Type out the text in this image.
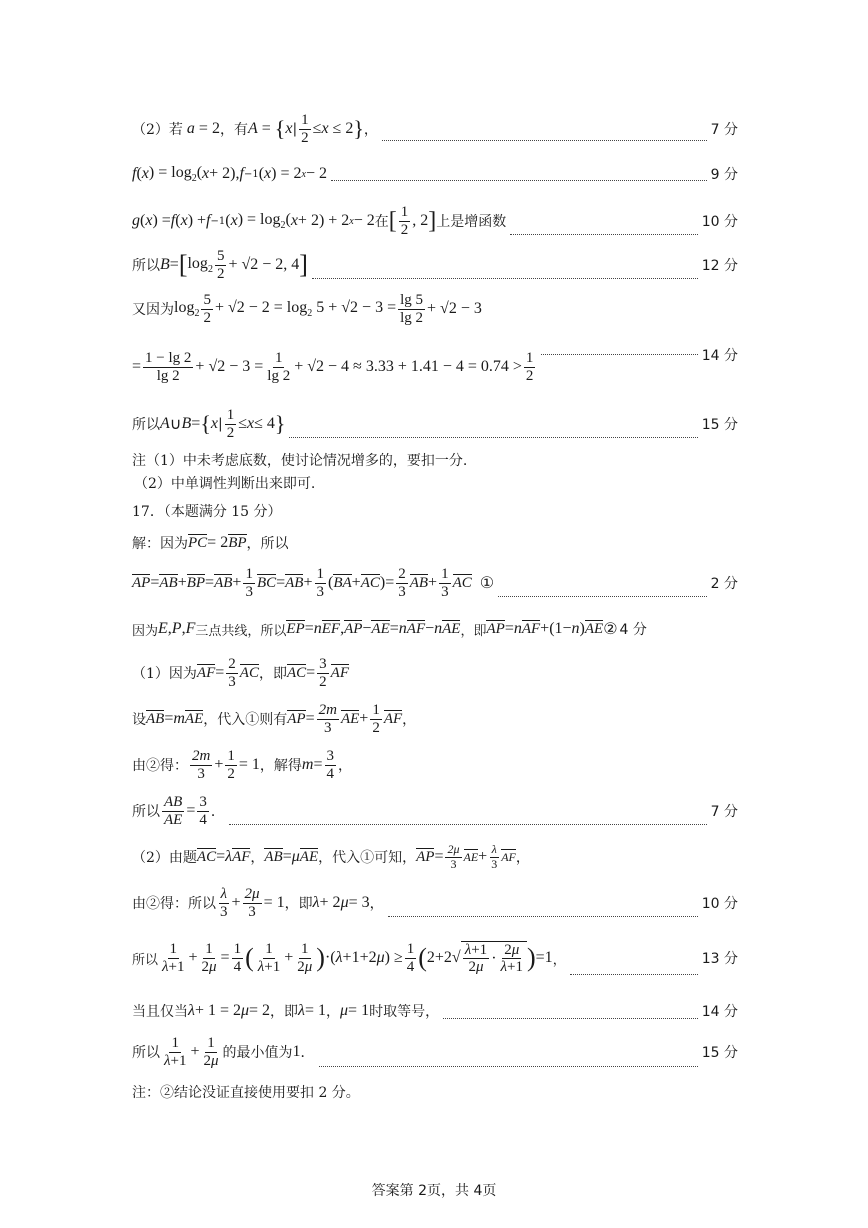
（2）若 a = 2 ，有 A = { x | $\frac{1}{2} \le x \le 2$ } ，	7 分
f ( x ) = $\log_2$( x + 2), f −1 ( x ) = 2 x − 2	9 分
g ( x ) = f ( x ) + f −1 ( x ) = $\log_2$( x + 2) + 2 x − 2 在 [ $\frac{1}{2}$ , 2 ] 上是增函数	10 分
所以 B = [ $\log_2 \frac{5}{2} + √2 - 2$, 4 ]	12 分
又因为 $\log_2 \frac{5}{2} + √2 - 2 = \log_2 5 + √2 - 3 = \frac{\lg 5}{\lg 2} + √2 - 3$
= $\frac{1 - \lg 2}{\lg 2} + √2 - 3 = \frac{1}{\lg 2} + √2 - 4 \approx 3.33 + 1.41 - 4 = 0.74 > \frac{1}{2}$	14 分
所以 A ∪ B = { x | $\frac{1}{2} \le x \le 4$ }	15 分
注（1）中未考虑底数，使讨论情况增多的，要扣一分.
（2）中单调性判断出来即可.
17．（本题满分 15 分）
解：因为 PC = 2 BP ，所以
AP = AB + BP = AB + $\frac{1}{3}$ BC = AB + $\frac{1}{3}$ ( BA + AC )= $\frac{2}{3}$ AB + $\frac{1}{3}$ AC ①	2 分
因为 E , P , F 三点共线，所以 EP = n EF , AP − AE = n AF − n AE ，即 AP = n AF +(1− n ) AE ② 4 分
（1）因为 AF = $\frac{2}{3}$ AC ，即 AC = $\frac{3}{2}$ AF
设 AB = m AE ，代入①则有 AP = $\frac{2m}{3}$ AE + $\frac{1}{2}$ AF ，
由②得： $\frac{2m}{3} + \frac{1}{2} = 1$ ，解得 $m = \frac{3}{4}$ ，
所以 $\frac{AB}{AE} = \frac{3}{4}$ ．	7 分
（2）由题 AC = λ AF ， AB = μ AE ，代入①可知， AP = $\frac{2\mu}{3}$ AE + $\frac{\lambda}{3}$ AF ，
由②得：所以 $\frac{\lambda}{3} + \frac{2\mu}{3} = 1$ ，即 λ + 2 μ = 3 ，	10 分
所以 $\frac{1}{\lambda+1} + \frac{1}{2\mu} = \frac{1}{4}$ ( $\frac{1}{\lambda+1} + \frac{1}{2\mu}$ ) ·( λ +1+2 μ ) ≥ $\frac{1}{4}$ ( $2+2√ \frac{\lambda+1}{2\mu} \cdot \frac{2\mu}{\lambda+1}$ ) =1 ，	13 分
当且仅当 λ + 1 = 2 μ = 2 ，即 λ = 1 ， μ = 1 时取等号，	14 分
所以 $\frac{1}{\lambda+1} + \frac{1}{2\mu}$ 的最小值为 1 ．	15 分
注：②结论没证直接使用要扣 2 分。
答案第 2页，共 4页
